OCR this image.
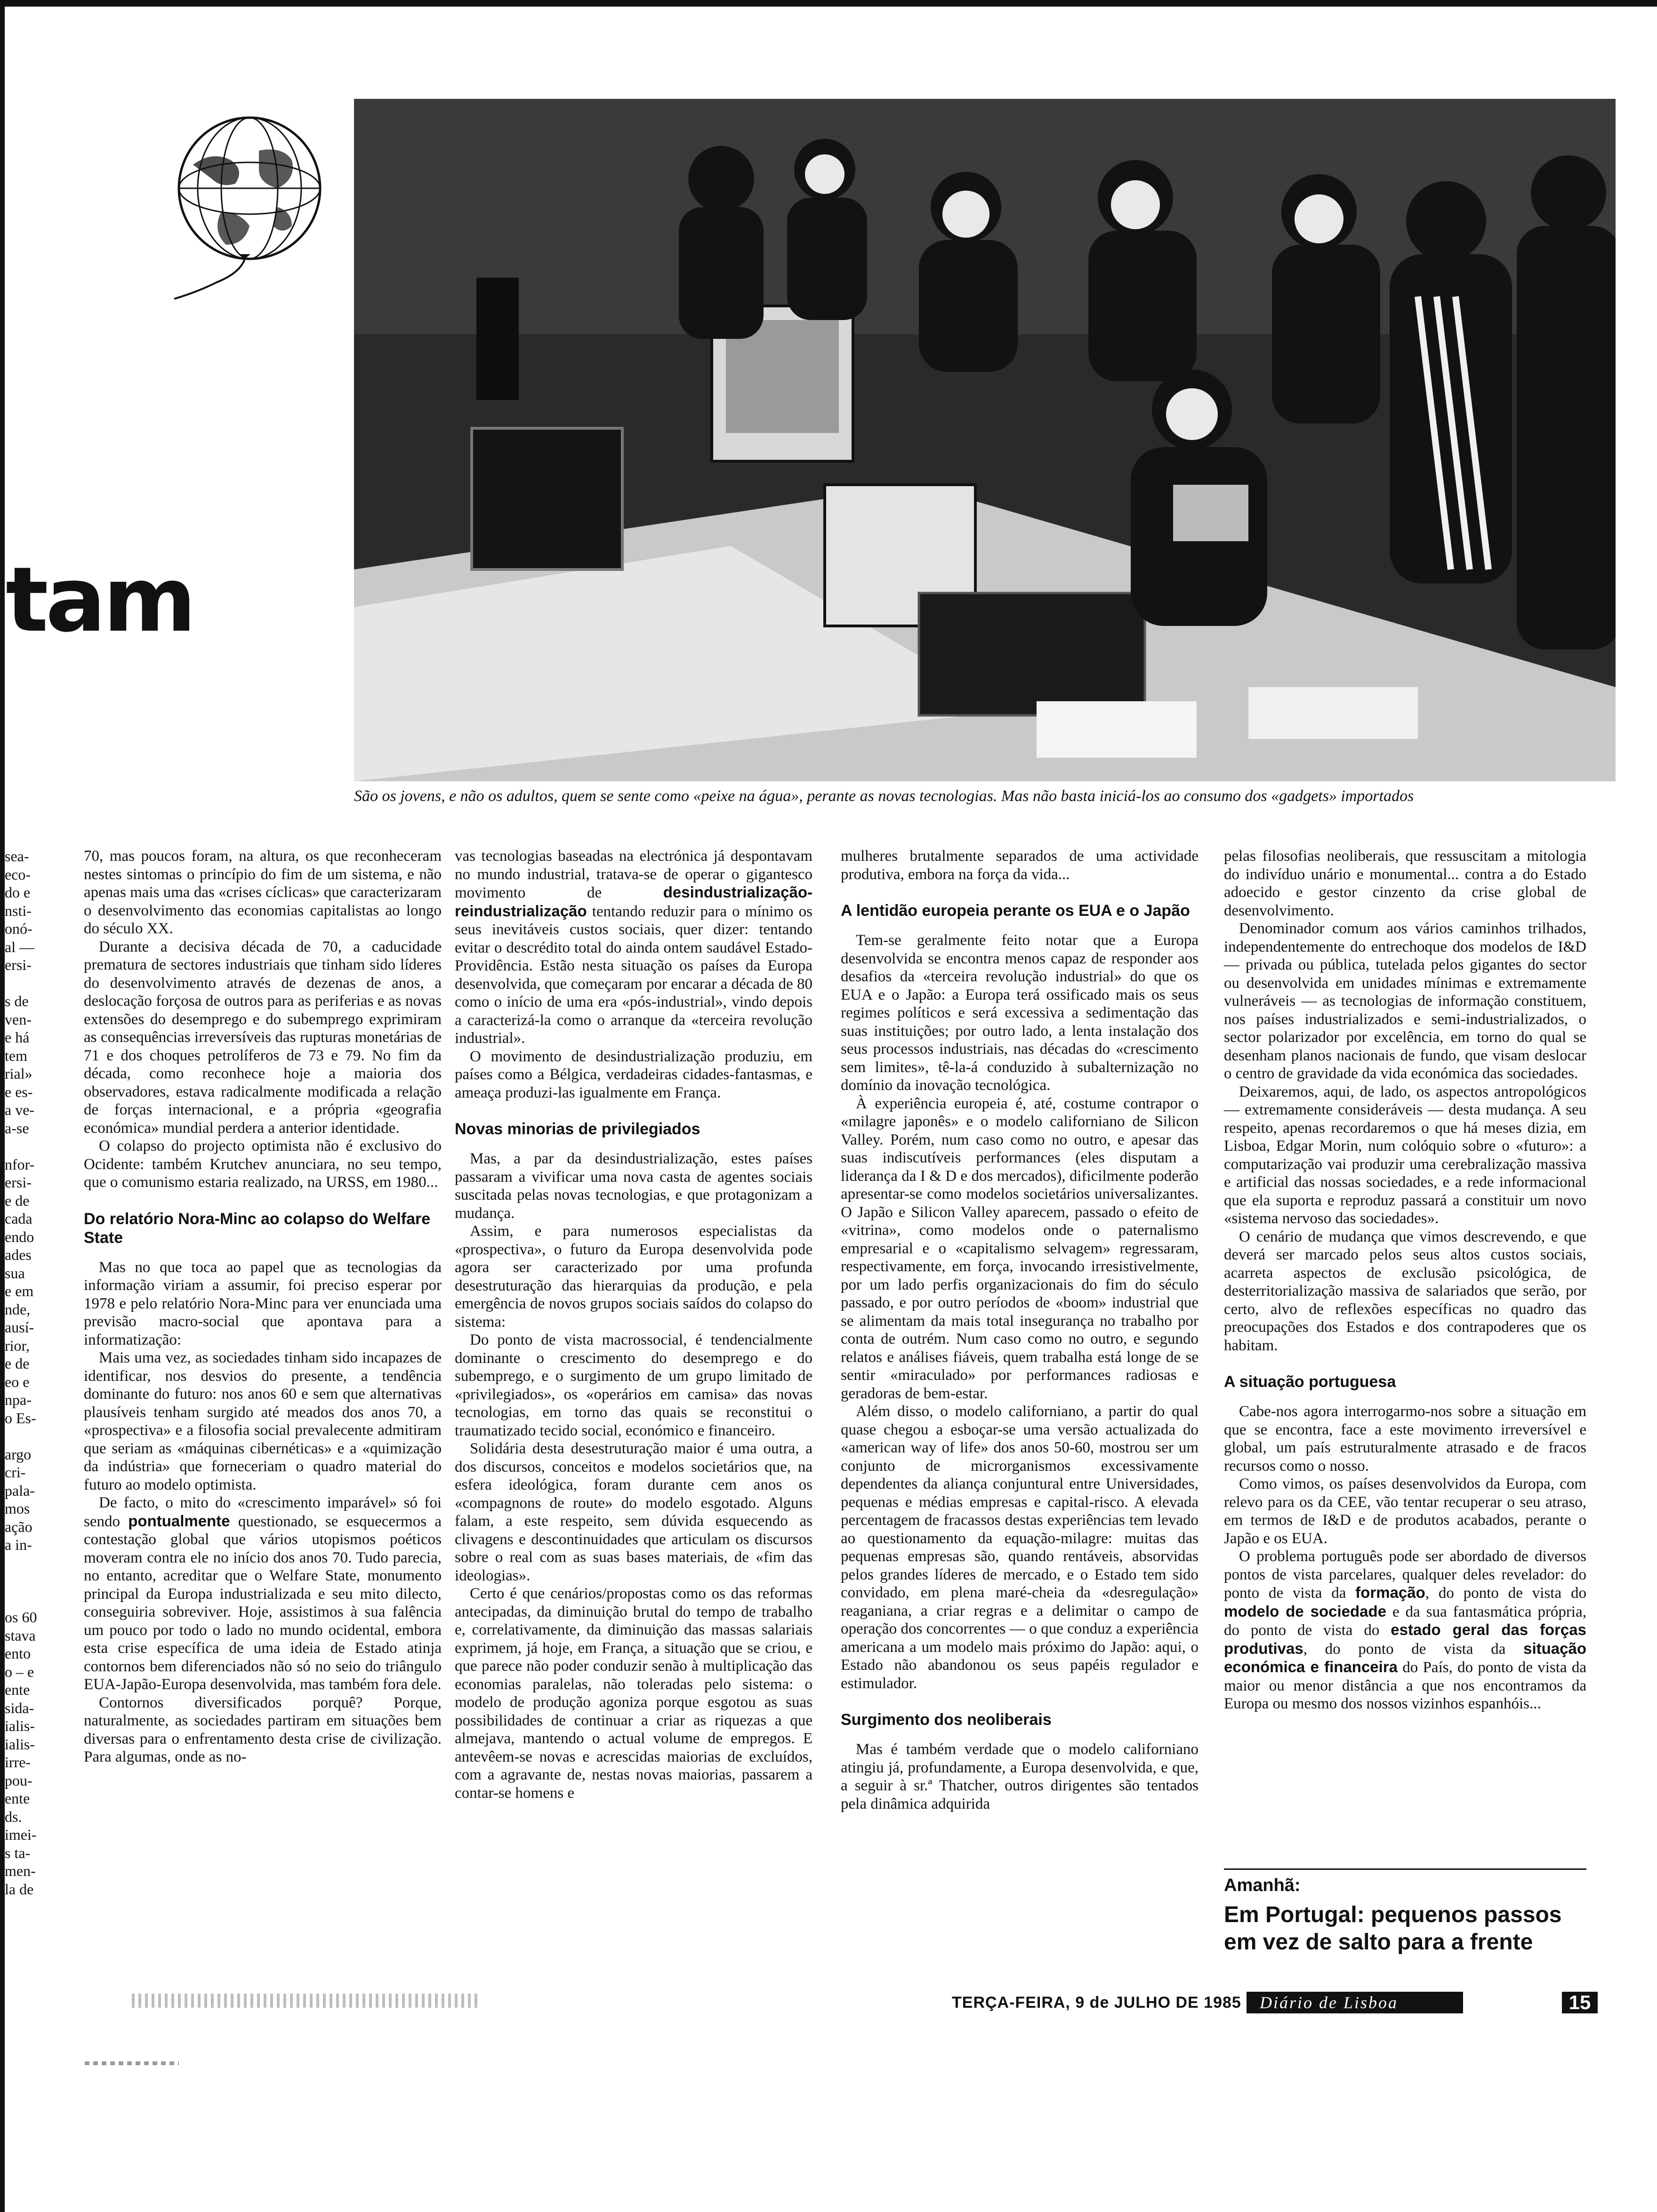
tam
São os jovens, e não os adultos, quem se sente como «peixe na água», perante as novas tecnologias. Mas não basta iniciá-los ao consumo dos «gadgets» importados
sea-
eco-
do e
nsti-
onó-
al —
ersi-
s de
ven-
e há
tem
rial»
e es-
a ve-
a-se
nfor-
ersi-
e de
cada
endo
ades
sua
e em
nde,
ausí-
rior,
e de
eo e
npa-
o Es-
argo
cri-
pala-
mos
ação
a in-
os 60
stava
ento
o – e
ente
sida-
ialis-
ialis-
irre-
pou-
ente
ds.
imei-
s ta-
men-
la de

70, mas poucos foram, na altura, os que reconheceram nestes sintomas o princípio do fim de um sistema, e não apenas mais uma das «crises cíclicas» que caracterizaram o desenvolvimento das economias capitalistas ao longo do século XX.

Durante a decisiva década de 70, a caducidade prematura de sectores industriais que tinham sido líderes do desenvolvimento através de dezenas de anos, a deslocação forçosa de outros para as periferias e as novas extensões do desemprego e do subemprego exprimiram as consequências irreversíveis das rupturas monetárias de 71 e dos choques petrolíferos de 73 e 79. No fim da década, como reconhece hoje a maioria dos observadores, estava radicalmente modificada a relação de forças internacional, e a própria «geografia económica» mundial perdera a anterior identidade.

O colapso do projecto optimista não é exclusivo do Ocidente: também Krutchev anunciara, no seu tempo, que o comunismo estaria realizado, na URSS, em 1980...

Do relatório Nora-Minc ao colapso do Welfare State

Mas no que toca ao papel que as tecnologias da informação viriam a assumir, foi preciso esperar por 1978 e pelo relatório Nora-Minc para ver enunciada uma previsão macro-social que apontava para a informatização:

Mais uma vez, as sociedades tinham sido incapazes de identificar, nos desvios do presente, a tendência dominante do futuro: nos anos 60 e sem que alternativas plausíveis tenham surgido até meados dos anos 70, a «prospectiva» e a filosofia social prevalecente admitiram que seriam as «máquinas cibernéticas» e a «quimização da indústria» que forneceriam o quadro material do futuro ao modelo optimista.

De facto, o mito do «crescimento imparável» só foi sendo pontualmente questionado, se esquecermos a contestação global que vários utopismos poéticos moveram contra ele no início dos anos 70. Tudo parecia, no entanto, acreditar que o Welfare State, monumento principal da Europa industrializada e seu mito dilecto, conseguiria sobreviver. Hoje, assistimos à sua falência um pouco por todo o lado no mundo ocidental, embora esta crise específica de uma ideia de Estado atinja contornos bem diferenciados não só no seio do triângulo EUA-Japão-Europa desenvolvida, mas também fora dele.

Contornos diversificados porquê? Porque, naturalmente, as sociedades partiram em situações bem diversas para o enfrentamento desta crise de civilização. Para algumas, onde as no-

vas tecnologias baseadas na electrónica já despontavam no mundo industrial, tratava-se de operar o gigantesco movimento de desindustrialização-reindustrialização tentando reduzir para o mínimo os seus inevitáveis custos sociais, quer dizer: tentando evitar o descrédito total do ainda ontem saudável Estado-Providência. Estão nesta situação os países da Europa desenvolvida, que começaram por encarar a década de 80 como o início de uma era «pós-industrial», vindo depois a caracterizá-la como o arranque da «terceira revolução industrial».

O movimento de desindustrialização produziu, em países como a Bélgica, verdadeiras cidades-fantasmas, e ameaça produzi-las igualmente em França.

Novas minorias de privilegiados

Mas, a par da desindustrialização, estes países passaram a vivificar uma nova casta de agentes sociais suscitada pelas novas tecnologias, e que protagonizam a mudança.

Assim, e para numerosos especialistas da «prospectiva», o futuro da Europa desenvolvida pode agora ser caracterizado por uma profunda desestruturação das hierarquias da produção, e pela emergência de novos grupos sociais saídos do colapso do sistema:

Do ponto de vista macrossocial, é tendencialmente dominante o crescimento do desemprego e do subemprego, e o surgimento de um grupo limitado de «privilegiados», os «operários em camisa» das novas tecnologias, em torno das quais se reconstitui o traumatizado tecido social, económico e financeiro.

Solidária desta desestruturação maior é uma outra, a dos discursos, conceitos e modelos societários que, na esfera ideológica, foram durante cem anos os «compagnons de route» do modelo esgotado. Alguns falam, a este respeito, sem dúvida esquecendo as clivagens e descontinuidades que articulam os discursos sobre o real com as suas bases materiais, de «fim das ideologias».

Certo é que cenários/propostas como os das reformas antecipadas, da diminuição brutal do tempo de trabalho e, correlativamente, da diminuição das massas salariais exprimem, já hoje, em França, a situação que se criou, e que parece não poder conduzir senão à multiplicação das economias paralelas, não toleradas pelo sistema: o modelo de produção agoniza porque esgotou as suas possibilidades de continuar a criar as riquezas a que almejava, mantendo o actual volume de empregos. E antevêem-se novas e acrescidas maiorias de excluídos, com a agravante de, nestas novas maiorias, passarem a contar-se homens e

mulheres brutalmente separados de uma actividade produtiva, embora na força da vida...

A lentidão europeia perante os EUA e o Japão

Tem-se geralmente feito notar que a Europa desenvolvida se encontra menos capaz de responder aos desafios da «terceira revolução industrial» do que os EUA e o Japão: a Europa terá ossificado mais os seus regimes políticos e será excessiva a sedimentação das suas instituições; por outro lado, a lenta instalação dos seus processos industriais, nas décadas do «crescimento sem limites», tê-la-á conduzido à subalternização no domínio da inovação tecnológica.

À experiência europeia é, até, costume contrapor o «milagre japonês» e o modelo californiano de Silicon Valley. Porém, num caso como no outro, e apesar das suas indiscutíveis performances (eles disputam a liderança da I & D e dos mercados), dificilmente poderão apresentar-se como modelos societários universalizantes. O Japão e Silicon Valley aparecem, passado o efeito de «vitrina», como modelos onde o paternalismo empresarial e o «capitalismo selvagem» regressaram, respectivamente, em força, invocando irresistivelmente, por um lado perfis organizacionais do fim do século passado, e por outro períodos de «boom» industrial que se alimentam da mais total insegurança no trabalho por conta de outrém. Num caso como no outro, e segundo relatos e análises fiáveis, quem trabalha está longe de se sentir «miraculado» por performances radiosas e geradoras de bem-estar.

Além disso, o modelo californiano, a partir do qual quase chegou a esboçar-se uma versão actualizada do «american way of life» dos anos 50-60, mostrou ser um conjunto de microrganismos excessivamente dependentes da aliança conjuntural entre Universidades, pequenas e médias empresas e capital-risco. A elevada percentagem de fracassos destas experiências tem levado ao questionamento da equação-milagre: muitas das pequenas empresas são, quando rentáveis, absorvidas pelos grandes líderes de mercado, e o Estado tem sido convidado, em plena maré-cheia da «desregulação» reaganiana, a criar regras e a delimitar o campo de operação dos concorrentes — o que conduz a experiência americana a um modelo mais próximo do Japão: aqui, o Estado não abandonou os seus papéis regulador e estimulador.

Surgimento dos neoliberais

Mas é também verdade que o modelo californiano atingiu já, profundamente, a Europa desenvolvida, e que, a seguir à sr.ª Thatcher, outros dirigentes são tentados pela dinâmica adquirida

pelas filosofias neoliberais, que ressuscitam a mitologia do indivíduo unário e monumental... contra a do Estado adoecido e gestor cinzento da crise global de desenvolvimento.

Denominador comum aos vários caminhos trilhados, independentemente do entrechoque dos modelos de I&D — privada ou pública, tutelada pelos gigantes do sector ou desenvolvida em unidades mínimas e extremamente vulneráveis — as tecnologias de informação constituem, nos países industrializados e semi-industrializados, o sector polarizador por excelência, em torno do qual se desenham planos nacionais de fundo, que visam deslocar o centro de gravidade da vida económica das sociedades.

Deixaremos, aqui, de lado, os aspectos antropológicos — extremamente consideráveis — desta mudança. A seu respeito, apenas recordaremos o que há meses dizia, em Lisboa, Edgar Morin, num colóquio sobre o «futuro»: a computarização vai produzir uma cerebralização massiva e artificial das nossas sociedades, e a rede informacional que ela suporta e reproduz passará a constituir um novo «sistema nervoso das sociedades».

O cenário de mudança que vimos descrevendo, e que deverá ser marcado pelos seus altos custos sociais, acarreta aspectos de exclusão psicológica, de desterritorialização massiva de salariados que serão, por certo, alvo de reflexões específicas no quadro das preocupações dos Estados e dos contrapoderes que os habitam.

A situação portuguesa

Cabe-nos agora interrogarmo-nos sobre a situação em que se encontra, face a este movimento irreversível e global, um país estruturalmente atrasado e de fracos recursos como o nosso.

Como vimos, os países desenvolvidos da Europa, com relevo para os da CEE, vão tentar recuperar o seu atraso, em termos de I&D e de produtos acabados, perante o Japão e os EUA.

O problema português pode ser abordado de diversos pontos de vista parcelares, qualquer deles revelador: do ponto de vista da formação, do ponto de vista do modelo de sociedade e da sua fantasmática própria, do ponto de vista do estado geral das forças produtivas, do ponto de vista da situação económica e financeira do País, do ponto de vista da maior ou menor distância a que nos encontramos da Europa ou mesmo dos nossos vizinhos espanhóis...

Amanhã:
Em Portugal: pequenos passos em vez de salto para a frente
TERÇA-FEIRA, 9 de JULHO DE 1985	Diário de Lisboa	15
